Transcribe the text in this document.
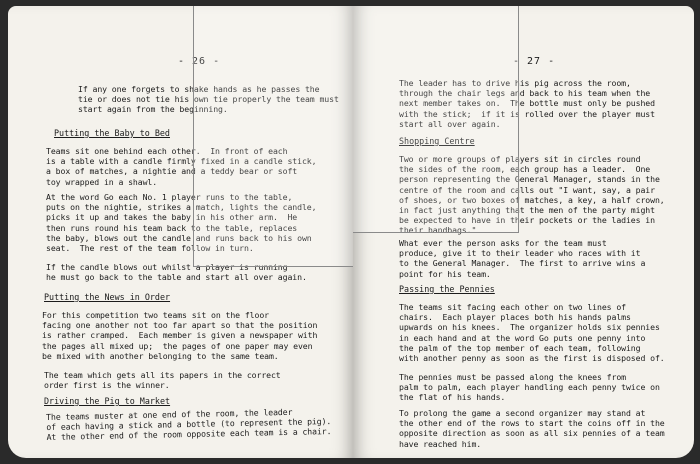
- 26 -
If any one forgets to shake hands as he passes the
tie or does not tie his own tie properly the team must
start again from the beginning.
Putting the Baby to Bed
Teams sit one behind each other.  In front of each
is a table with a candle firmly fixed in a candle stick,
a box of matches, a nightie and a teddy bear or soft
toy wrapped in a shawl.
At the word Go each No. 1 player runs to the table,
puts on the nightie, strikes a match, lights the candle,
picks it up and takes the baby in his other arm.  He
then runs round his team back to the table, replaces
the baby, blows out the candle and runs back to his own
seat.  The rest of the team follow in turn.
If the candle blows out whilst a player is running
he must go back to the table and start all over again.
Putting the News in Order
For this competition two teams sit on the floor
facing one another not too far apart so that the position
is rather cramped.  Each member is given a newspaper with
the pages all mixed up;  the pages of one paper may even
be mixed with another belonging to the same team.
The team which gets all its papers in the correct
order first is the winner.
Driving the Pig to Market
The teams muster at one end of the room, the leader
of each having a stick and a bottle (to represent the pig).
At the other end of the room opposite each team is a chair.
- 27 -
The leader has to drive his pig across the room,
through the chair legs and back to his team when the
next member takes on.  The bottle must only be pushed
with the stick;  if it is rolled over the player must
start all over again.
Shopping Centre
Two or more groups of players sit in circles round
the sides of the room, each group has a leader.  One
person representing the General Manager, stands in the
centre of the room and calls out "I want, say, a pair
of shoes, or two boxes of matches, a key, a half crown,
in fact just anything that the men of the party might
be expected to have in their pockets or the ladies in
their handbags."
What ever the person asks for the team must
produce, give it to their leader who races with it
to the General Manager.  The first to arrive wins a
point for his team.
Passing the Pennies
The teams sit facing each other on two lines of
chairs.  Each player places both his hands palms
upwards on his knees.  The organizer holds six pennies
in each hand and at the word Go puts one penny into
the palm of the top member of each team, following
with another penny as soon as the first is disposed of.
The pennies must be passed along the knees from
palm to palm, each player handling each penny twice on
the flat of his hands.
To prolong the game a second organizer may stand at
the other end of the rows to start the coins off in the
opposite direction as soon as all six pennies of a team
have reached him.
